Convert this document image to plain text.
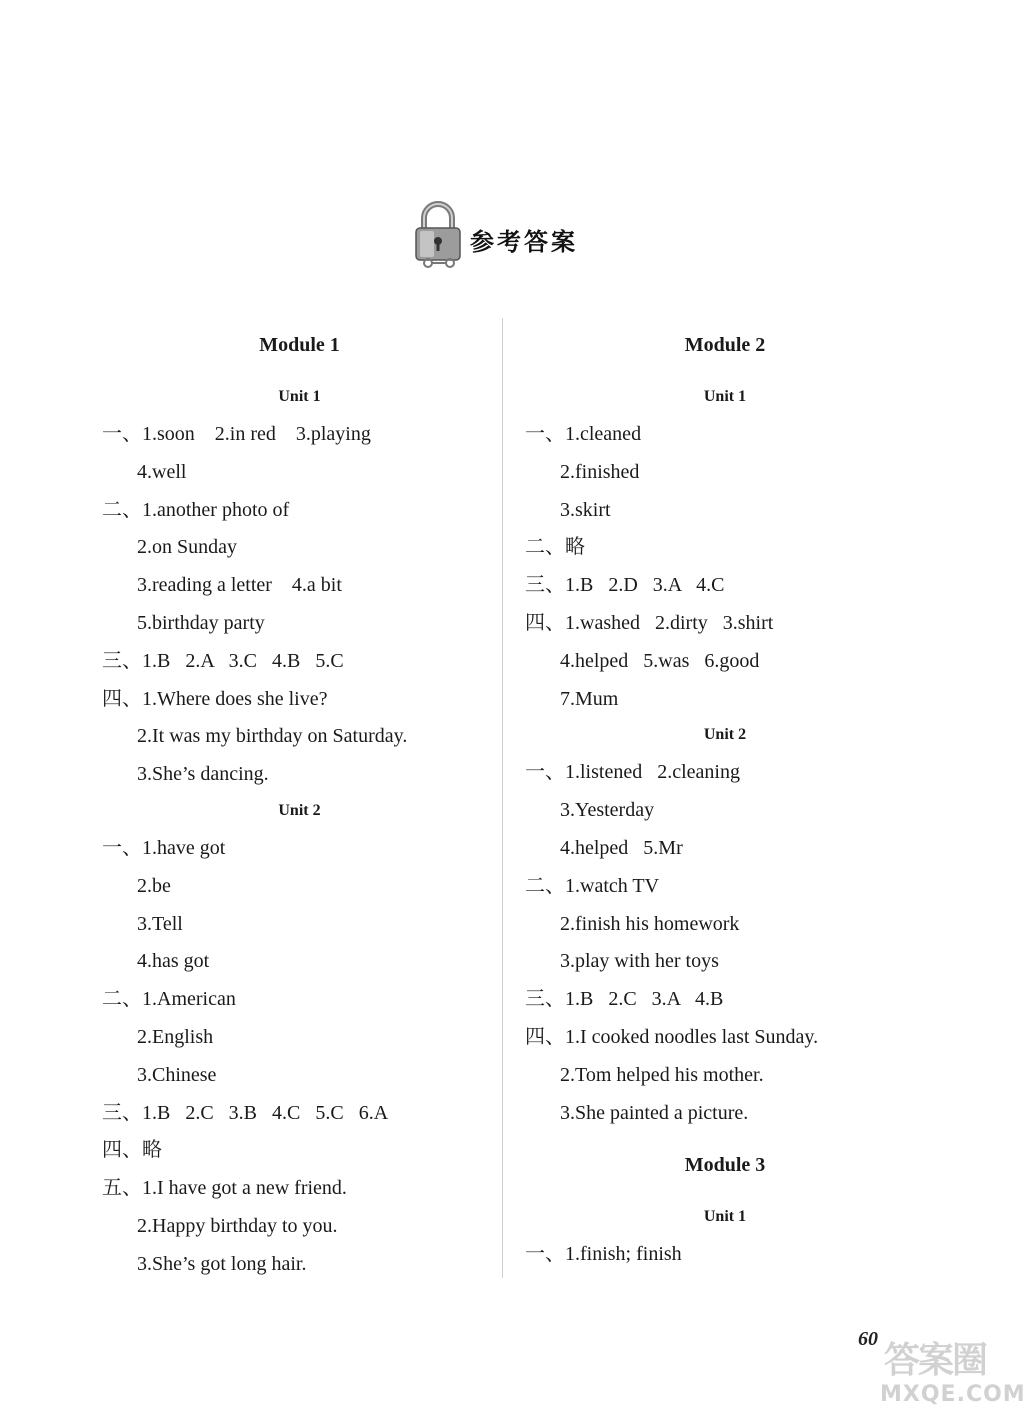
参考答案
Module 1
Unit 1
一、1.soon    2.in red    3.playing
4.well
二、1.another photo of
2.on Sunday
3.reading a letter    4.a bit
5.birthday party
三、1.B   2.A   3.C   4.B   5.C
四、1.Where does she live?
2.It was my birthday on Saturday.
3.She’s dancing.
Unit 2
一、1.have got
2.be
3.Tell
4.has got
二、1.American
2.English
3.Chinese
三、1.B   2.C   3.B   4.C   5.C   6.A
四、略
五、1.I have got a new friend.
2.Happy birthday to you.
3.She’s got long hair.
Module 2
Unit 1
一、1.cleaned
2.finished
3.skirt
二、略
三、1.B   2.D   3.A   4.C
四、1.washed   2.dirty   3.shirt
4.helped   5.was   6.good
7.Mum
Unit 2
一、1.listened   2.cleaning
3.Yesterday
4.helped   5.Mr
二、1.watch TV
2.finish his homework
3.play with her toys
三、1.B   2.C   3.A   4.B
四、1.I cooked noodles last Sunday.
2.Tom helped his mother.
3.She painted a picture.
Module 3
Unit 1
一、1.finish; finish
60
答案圈
MXQE.COM
